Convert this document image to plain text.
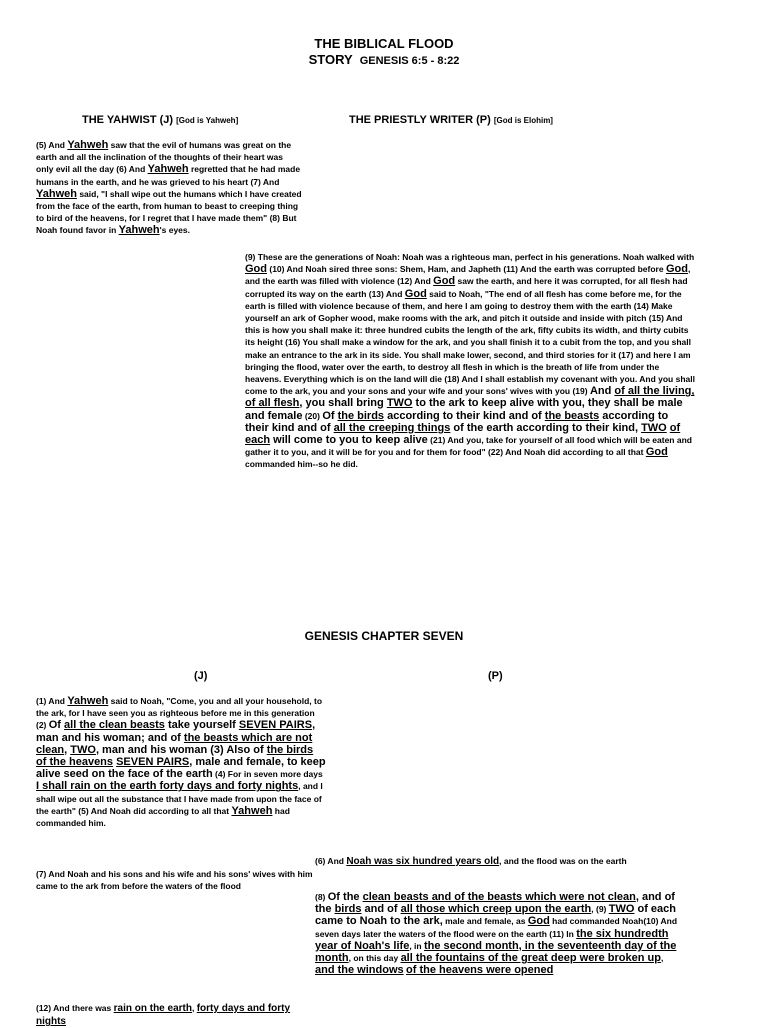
THE BIBLICAL FLOOD
STORY GENESIS 6:5 - 8:22
THE YAHWIST (J) [God is Yahweh]	THE PRIESTLY WRITER (P) [God is Elohim]

(5) And Yahweh saw that the evil of humans was great on the earth and all the inclination of the thoughts of their heart was only evil all the day (6) And Yahweh regretted that he had made humans in the earth, and he was grieved to his heart (7) And Yahweh said, "I shall wipe out the humans which I have created from the face of the earth, from human to beast to creeping thing to bird of the heavens, for I regret that I have made them" (8) But Noah found favor in Yahweh's eyes.

(9) These are the generations of Noah: Noah was a righteous man, perfect in his generations. Noah walked with God (10) And Noah sired three sons: Shem, Ham, and Japheth (11) And the earth was corrupted before God, and the earth was filled with violence (12) And God saw the earth, and here it was corrupted, for all flesh had corrupted its way on the earth (13) And God said to Noah, "The end of all flesh has come before me, for the earth is filled with violence because of them, and here I am going to destroy them with the earth (14) Make yourself an ark of Gopher wood, make rooms with the ark, and pitch it outside and inside with pitch (15) And this is how you shall make it: three hundred cubits the length of the ark, fifty cubits its width, and thirty cubits its height (16) You shall make a window for the ark, and you shall finish it to a cubit from the top, and you shall make an entrance to the ark in its side. You shall make lower, second, and third stories for it (17) and here I am bringing the flood, water over the earth, to destroy all flesh in which is the breath of life from under the heavens. Everything which is on the land will die (18) And I shall establish my covenant with you. And you shall come to the ark, you and your sons and your wife and your sons' wives with you (19) And of all the living, of all flesh, you shall bring TWO to the ark to keep alive with you, they shall be male and female (20) Of the birds according to their kind and of the beasts according to their kind and of all the creeping things of the earth according to their kind, TWO of each will come to you to keep alive (21) And you, take for yourself of all food which will be eaten and gather it to you, and it will be for you and for them for food" (22) And Noah did according to all that God commanded him--so he did.

GENESIS CHAPTER SEVEN
(J)	(P)

(1) And Yahweh said to Noah, "Come, you and all your household, to the ark, for I have seen you as righteous before me in this generation (2) Of all the clean beasts take yourself SEVEN PAIRS, man and his woman; and of the beasts which are not clean, TWO, man and his woman (3) Also of the birds of the heavens SEVEN PAIRS, male and female, to keep alive seed on the face of the earth (4) For in seven more days I shall rain on the earth forty days and forty nights, and I shall wipe out all the substance that I have made from upon the face of the earth" (5) And Noah did according to all that Yahweh had commanded him.

(6) And Noah was six hundred years old, and the flood was on the earth

(7) And Noah and his sons and his wife and his sons' wives with him came to the ark from before the waters of the flood

(8) Of the clean beasts and of the beasts which were not clean, and of the birds and of all those which creep upon the earth, (9) TWO of each came to Noah to the ark, male and female, as God had commanded Noah(10) And seven days later the waters of the flood were on the earth (11) In the six hundredth year of Noah's life, in the second month, in the seventeenth day of the month, on this day all the fountains of the great deep were broken up, and the windows of the heavens were opened

(12) And there was rain on the earth, forty days and forty nights
